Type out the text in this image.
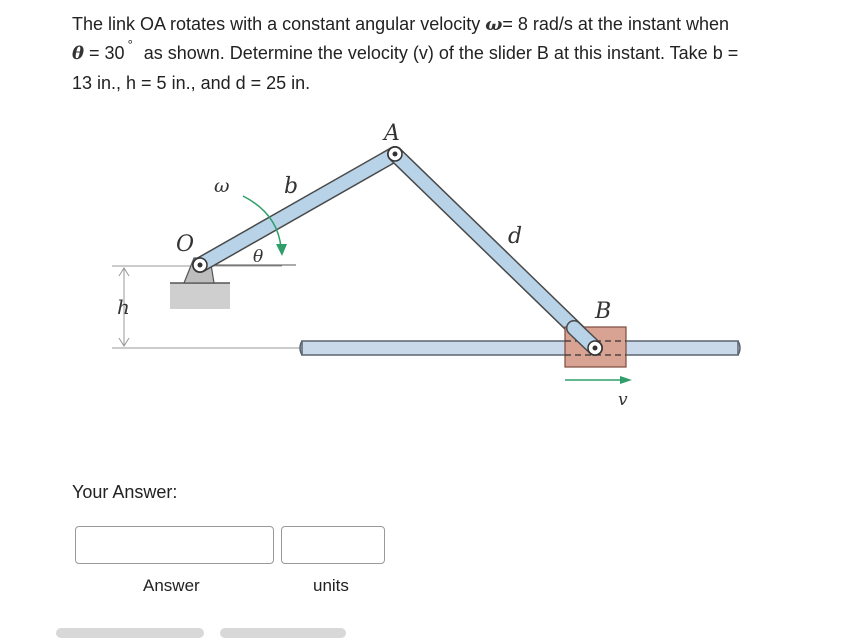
The link OA rotates with a constant angular velocity ω= 8 rad/s at the instant when
θ = 30 ° as shown. Determine the velocity (v) of the slider B at this instant. Take b =
13 in., h = 5 in., and d = 25 in.
A
O
B
b
d
h
ω
θ
v
Your Answer:
Answer	units
